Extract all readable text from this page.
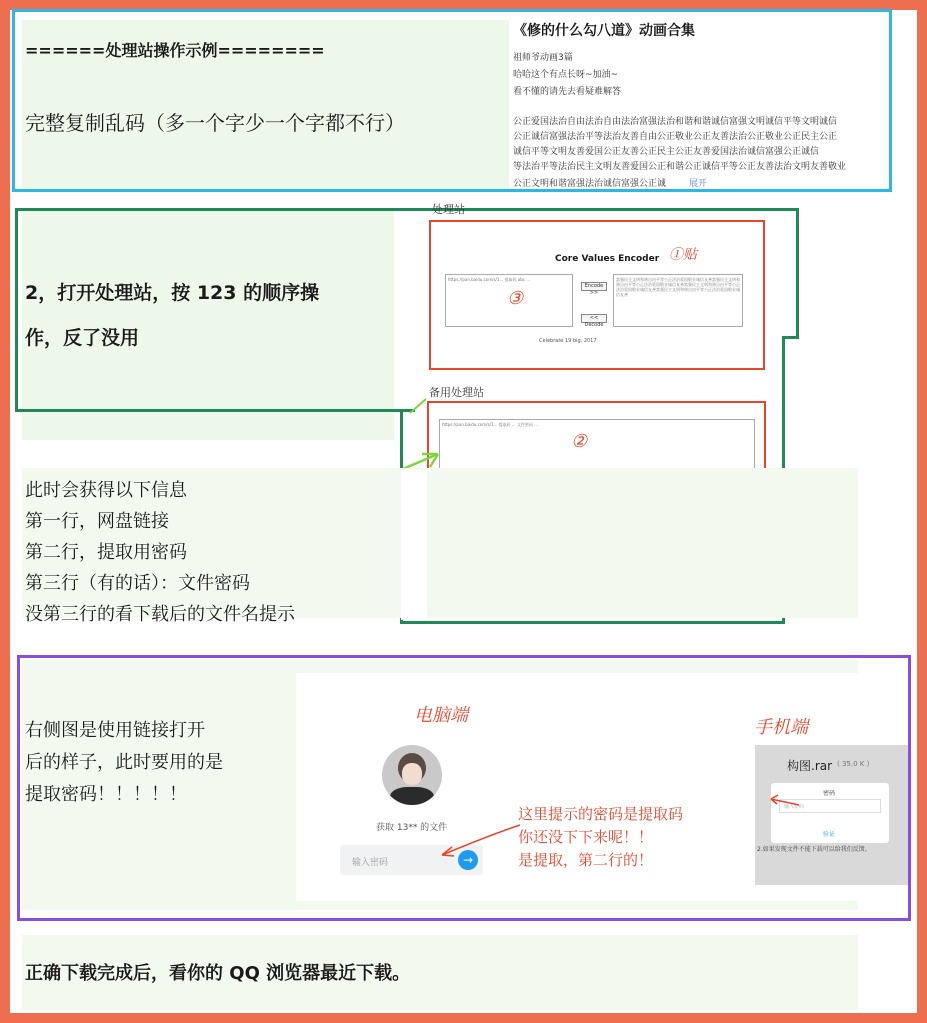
======处理站操作示例========
完整复制乱码（多一个字少一个字都不行）
《修的什么勾八道》动画合集
祖师爷动画3篇
哈哈这个有点长呀~加油~
看不懂的请先去看疑难解答
公正爱国法治自由法治自由法治富强法治和谐和谐诚信富强文明诚信平等文明诚信
公正诚信富强法治平等法治友善自由公正敬业公正友善法治公正敬业公正民主公正
诚信平等文明友善爱国公正友善公正民主公正友善爱国法治诚信富强公正诚信
等法治平等法治民主文明友善爱国公正和谐公正诚信平等公正友善法治文明友善敬业
公正文明和谐富强法治诚信富强公正诚	展开
2，打开处理站，按 123 的顺序操
作，反了没用
处理站
Core Values Encoder
https://pan.baidu.com/s/1... 提取码 abc ...
Encode >>
<< Decode
富强民主文明和谐自由平等公正法治爱国敬业诚信友善富强民主文明和谐自由平等公正法治爱国敬业诚信友善富强民主文明和谐自由平等公正法治爱国敬业诚信友善富强民主文明和谐自由平等公正法治爱国敬业诚信友善
Celebrate 19 big, 2017
①贴
③
备用处理站
https://pan.baidu.com/s/1... 提取码 ... 文件密码 ...
②
此时会获得以下信息
第一行，网盘链接
第二行，提取用密码
第三行（有的话）：文件密码
没第三行的看下载后的文件名提示
右侧图是使用链接打开
后的样子，此时要用的是
提取密码！！！！！
电脑端
获取 13** 的文件
输入密码	→
这里提示的密码是提取码
你还没下下来呢！！
是提取，第二行的！
手机端
构图.rar ( 35.0 K )
密码
输入密码
验证
2.如果发现文件不能下载可以给我们反馈。
正确下载完成后，看你的 QQ 浏览器最近下载。
